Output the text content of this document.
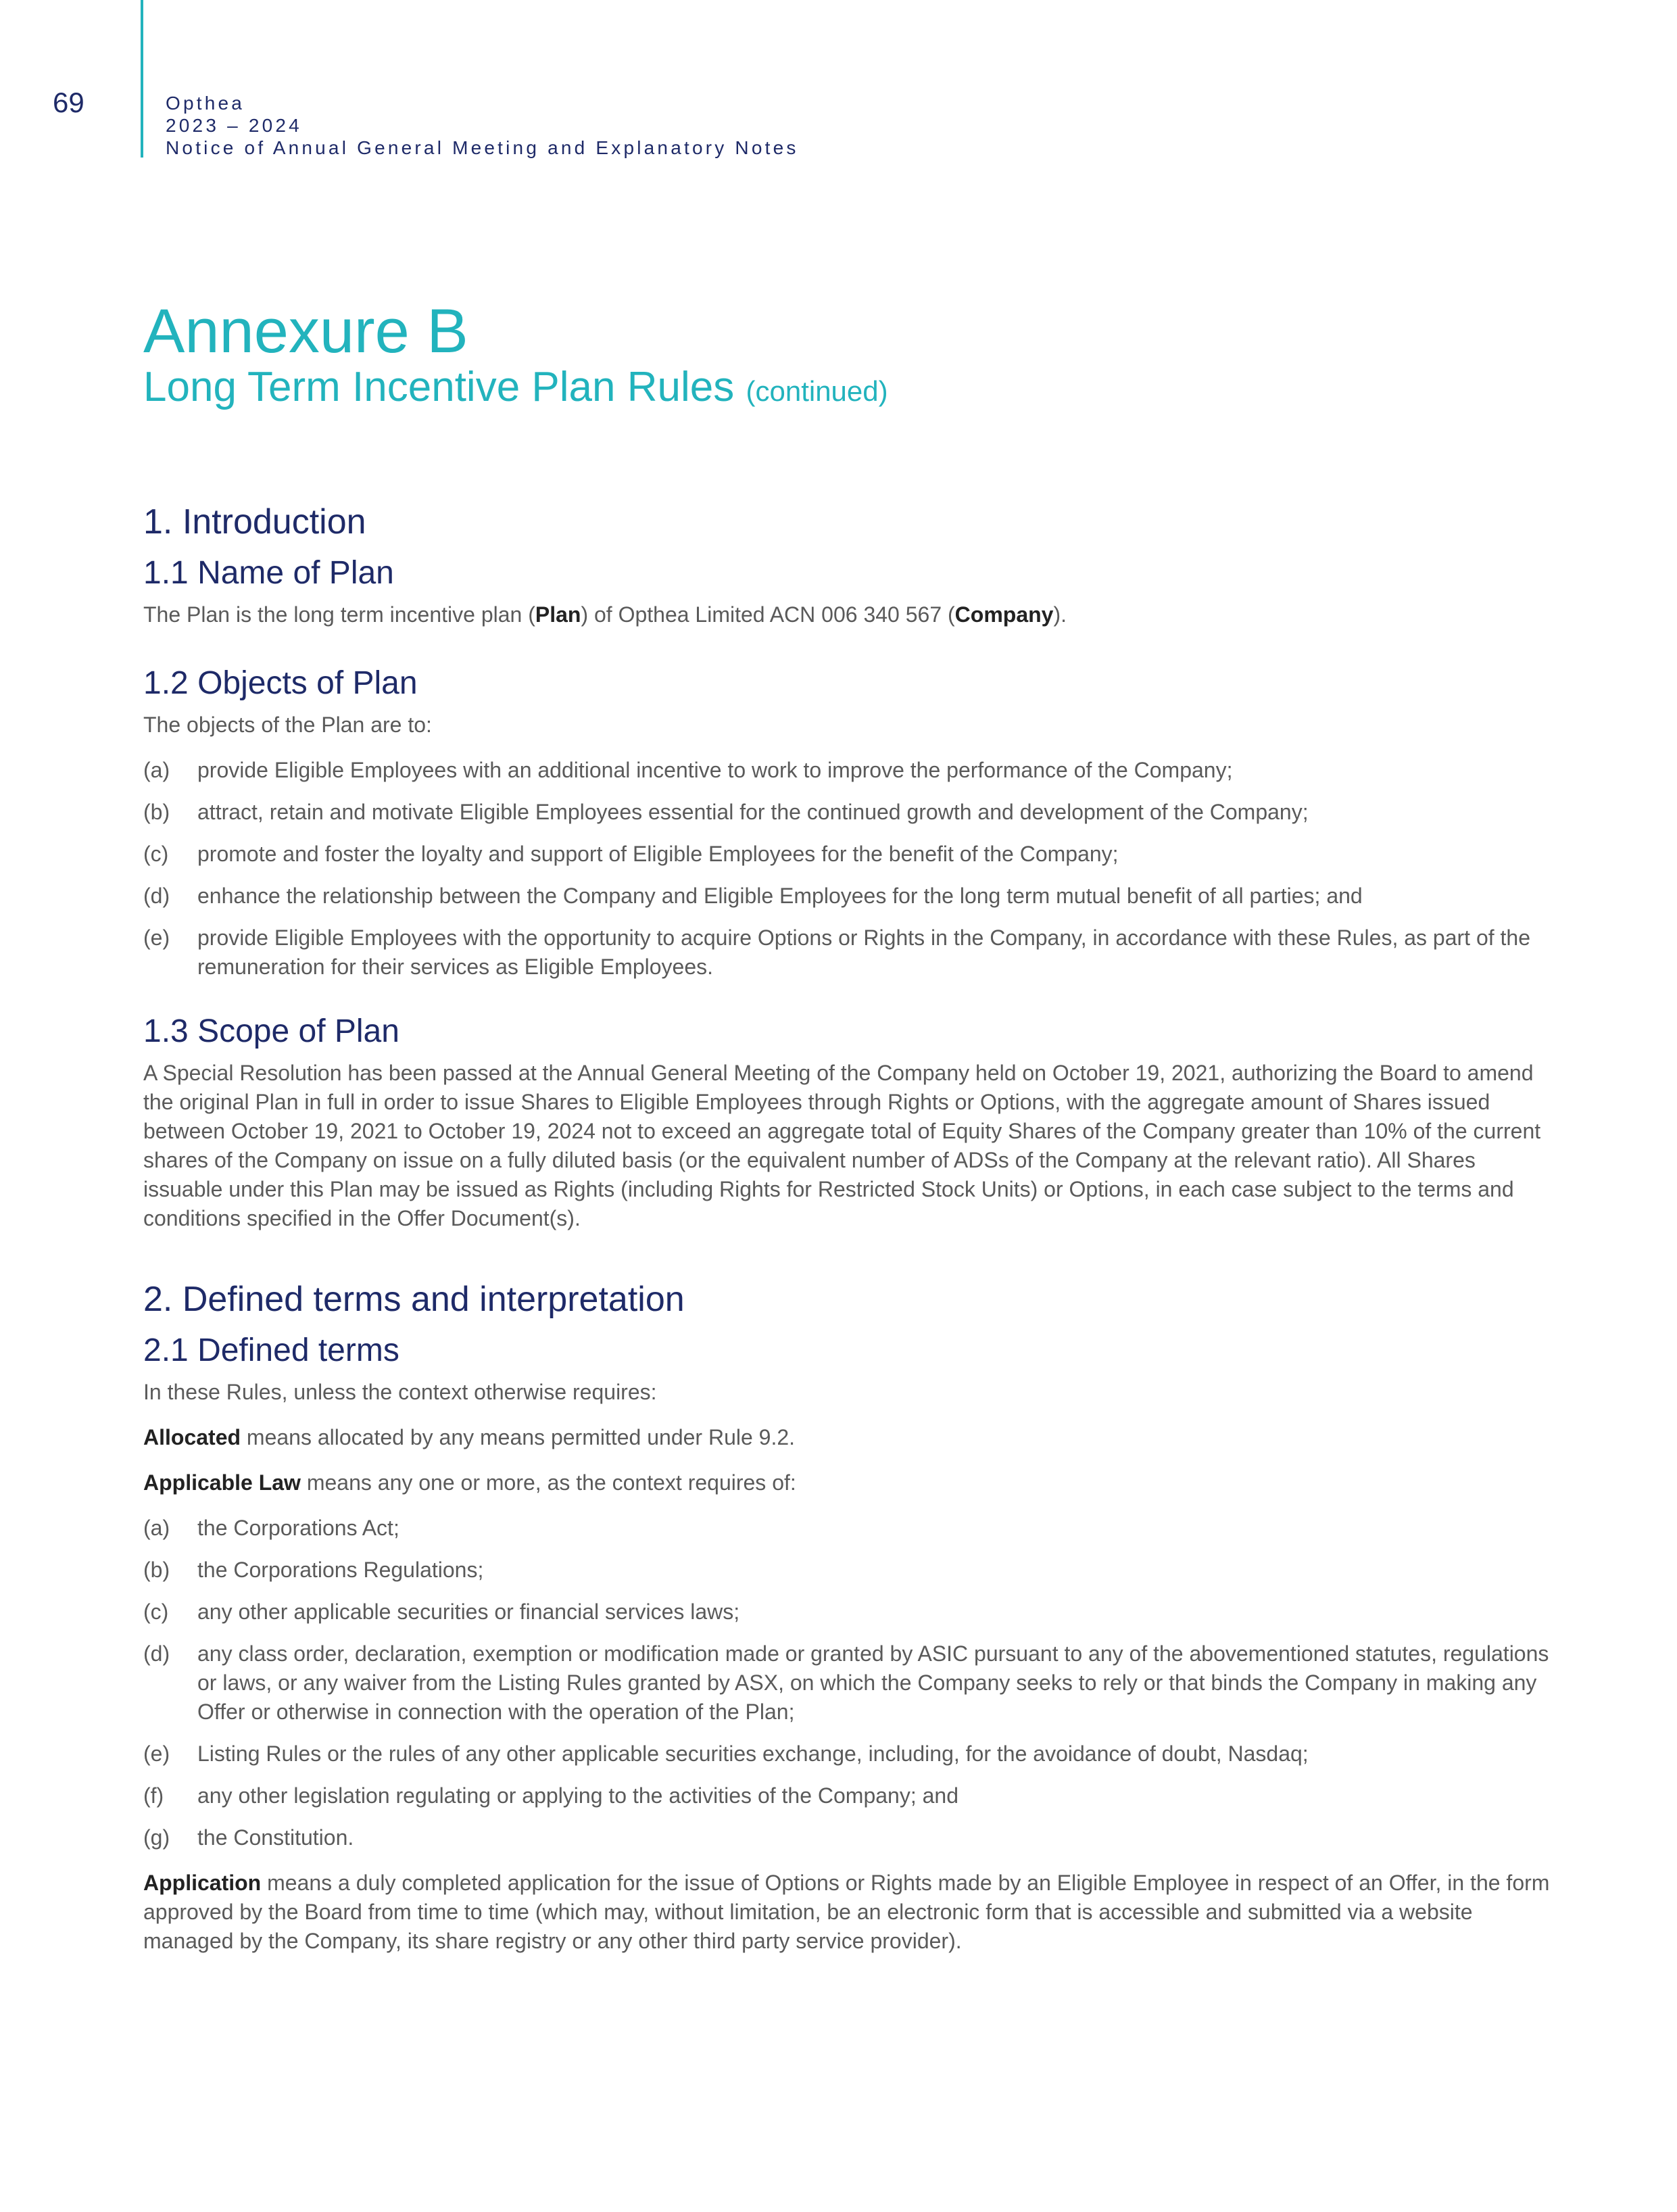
69	Opthea
2023 – 2024
Notice of Annual General Meeting and Explanatory Notes
Annexure B
Long Term Incentive Plan Rules (continued)
1. Introduction
1.1 Name of Plan

The Plan is the long term incentive plan (Plan) of Opthea Limited ACN 006 340 567 (Company).

1.2 Objects of Plan

The objects of the Plan are to:

(a) provide Eligible Employees with an additional incentive to work to improve the performance of the Company;
(b) attract, retain and motivate Eligible Employees essential for the continued growth and development of the Company;
(c) promote and foster the loyalty and support of Eligible Employees for the benefit of the Company;
(d) enhance the relationship between the Company and Eligible Employees for the long term mutual benefit of all parties; and
(e) provide Eligible Employees with the opportunity to acquire Options or Rights in the Company, in accordance with these Rules, as part of the remuneration for their services as Eligible Employees.
1.3 Scope of Plan

A Special Resolution has been passed at the Annual General Meeting of the Company held on October 19, 2021, authorizing the Board to amend the original Plan in full in order to issue Shares to Eligible Employees through Rights or Options, with the aggregate amount of Shares issued between October 19, 2021 to October 19, 2024 not to exceed an aggregate total of Equity Shares of the Company greater than 10% of the current shares of the Company on issue on a fully diluted basis (or the equivalent number of ADSs of the Company at the relevant ratio). All Shares issuable under this Plan may be issued as Rights (including Rights for Restricted Stock Units) or Options, in each case subject to the terms and conditions specified in the Offer Document(s).

2. Defined terms and interpretation
2.1 Defined terms

In these Rules, unless the context otherwise requires:

Allocated means allocated by any means permitted under Rule 9.2.

Applicable Law means any one or more, as the context requires of:

(a) the Corporations Act;
(b) the Corporations Regulations;
(c) any other applicable securities or financial services laws;
(d) any class order, declaration, exemption or modification made or granted by ASIC pursuant to any of the abovementioned statutes, regulations or laws, or any waiver from the Listing Rules granted by ASX, on which the Company seeks to rely or that binds the Company in making any Offer or otherwise in connection with the operation of the Plan;
(e) Listing Rules or the rules of any other applicable securities exchange, including, for the avoidance of doubt, Nasdaq;
(f) any other legislation regulating or applying to the activities of the Company; and
(g) the Constitution.

Application means a duly completed application for the issue of Options or Rights made by an Eligible Employee in respect of an Offer, in the form approved by the Board from time to time (which may, without limitation, be an electronic form that is accessible and submitted via a website managed by the Company, its share registry or any other third party service provider).
